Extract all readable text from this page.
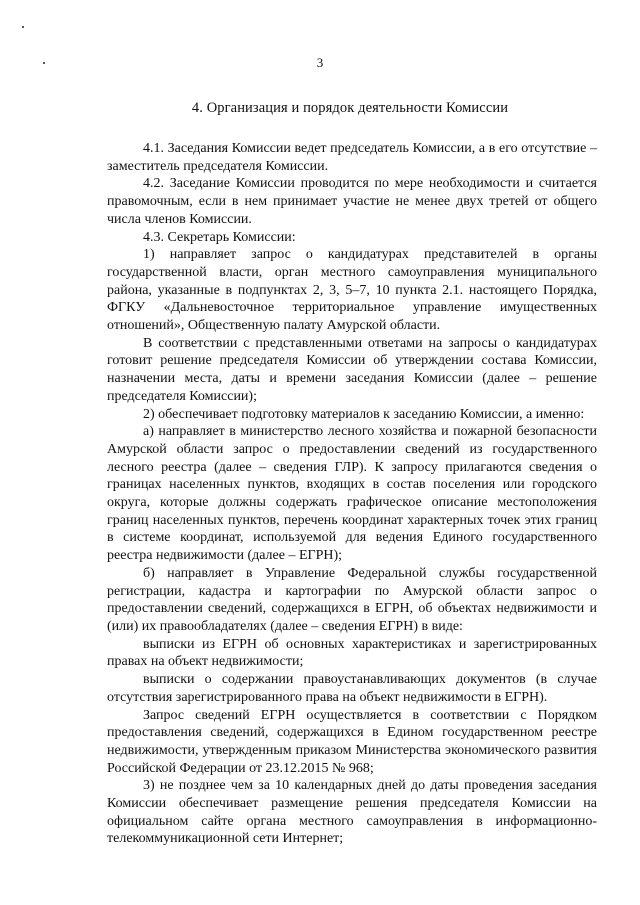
3
4. Организация и порядок деятельности Комиссии

4.1. Заседания Комиссии ведет председатель Комиссии, а в его отсутствие – заместитель председателя Комиссии.

4.2. Заседание Комиссии проводится по мере необходимости и считается правомочным, если в нем принимает участие не менее двух третей от общего числа членов Комиссии.

4.3. Секретарь Комиссии:

1) направляет запрос о кандидатурах представителей в органы государственной власти, орган местного самоуправления муниципального района, указанные в подпунктах 2, 3, 5–7, 10 пункта 2.1. настоящего Порядка, ФГКУ «Дальневосточное территориальное управление имущественных отношений», Общественную палату Амурской области.

В соответствии с представленными ответами на запросы о кандидатурах готовит решение председателя Комиссии об утверждении состава Комиссии, назначении места, даты и времени заседания Комиссии (далее – решение председателя Комиссии);

2) обеспечивает подготовку материалов к заседанию Комиссии, а именно:

а) направляет в министерство лесного хозяйства и пожарной безопасности Амурской области запрос о предоставлении сведений из государственного лесного реестра (далее – сведения ГЛР). К запросу прилагаются сведения о границах населенных пунктов, входящих в состав поселения или городского округа, которые должны содержать графическое описание местоположения границ населенных пунктов, перечень координат характерных точек этих границ в системе координат, используемой для ведения Единого государственного реестра недвижимости (далее – ЕГРН);

б) направляет в Управление Федеральной службы государственной регистрации, кадастра и картографии по Амурской области запрос о предоставлении сведений, содержащихся в ЕГРН, об объектах недвижимости и (или) их правообладателях (далее – сведения ЕГРН) в виде:

выписки из ЕГРН об основных характеристиках и зарегистрированных правах на объект недвижимости;

выписки о содержании правоустанавливающих документов (в случае отсутствия зарегистрированного права на объект недвижимости в ЕГРН).

Запрос сведений ЕГРН осуществляется в соответствии с Порядком предоставления сведений, содержащихся в Едином государственном реестре недвижимости, утвержденным приказом Министерства экономического развития Российской Федерации от 23.12.2015 № 968;

3) не позднее чем за 10 календарных дней до даты проведения заседания Комиссии обеспечивает размещение решения председателя Комиссии на официальном сайте органа местного самоуправления в информационно-телекоммуникационной сети Интернет;
